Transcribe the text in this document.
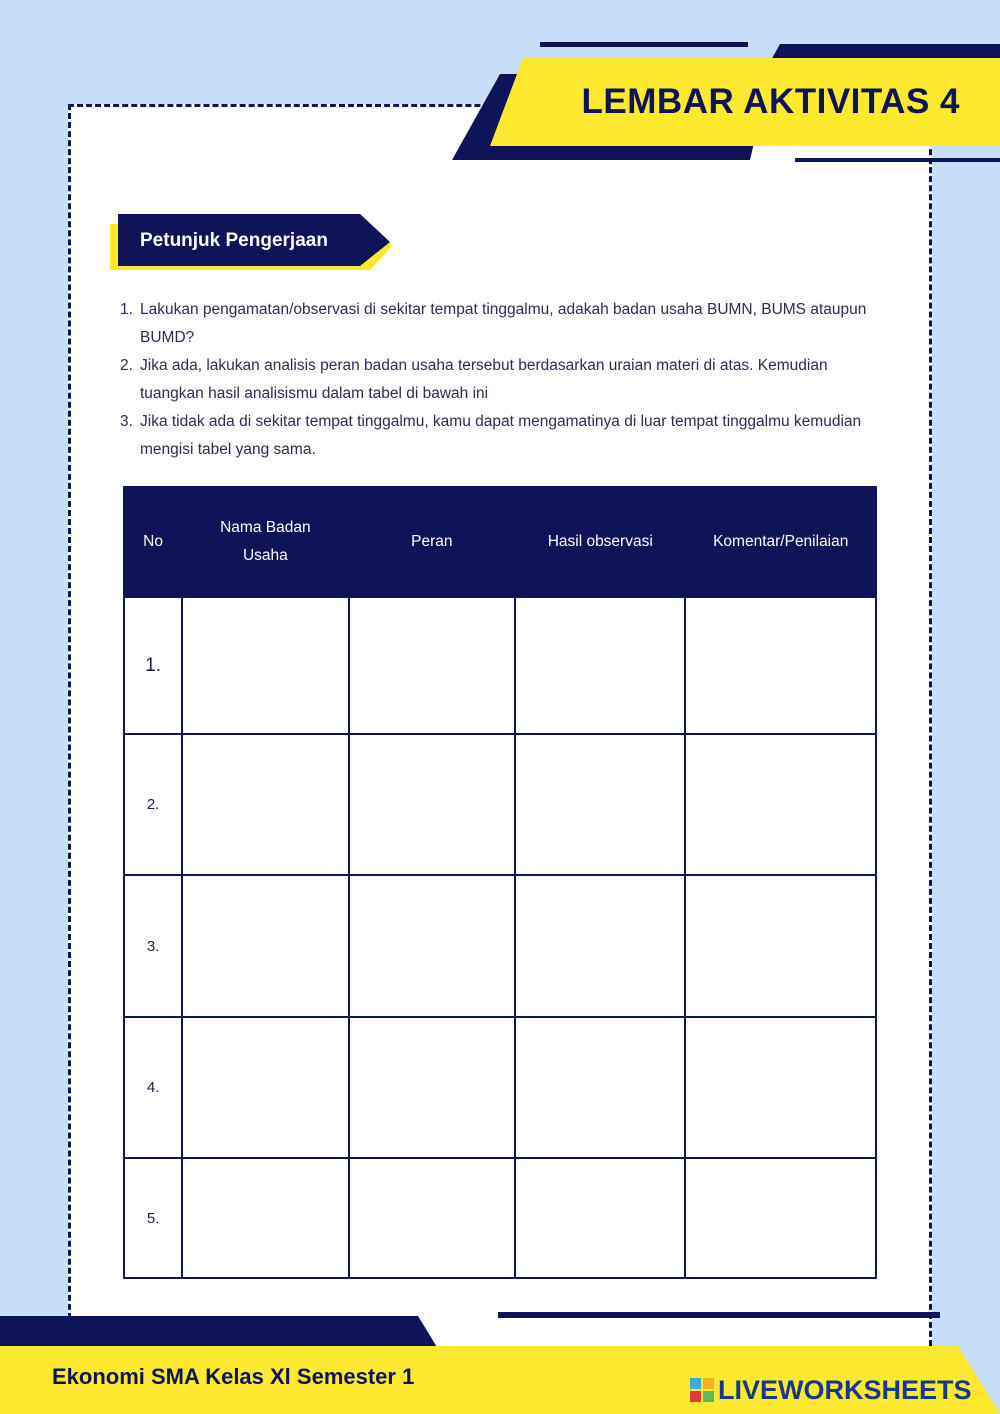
LEMBAR AKTIVITAS 4
Petunjuk Pengerjaan
1. Lakukan pengamatan/observasi di sekitar tempat tinggalmu, adakah badan usaha BUMN, BUMS ataupun BUMD?
2. Jika ada, lakukan analisis peran badan usaha tersebut berdasarkan uraian materi di atas. Kemudian tuangkan hasil analisismu dalam tabel di bawah ini
3. Jika tidak ada di sekitar tempat tinggalmu, kamu dapat mengamatinya di luar tempat tinggalmu kemudian mengisi tabel yang sama.
No	Nama Badan Usaha	Peran	Hasil observasi	Komentar/Penilaian
1.				
2.				
3.				
4.				
5.				
Ekonomi SMA Kelas Xl Semester 1	LIVEWORKSHEETS
